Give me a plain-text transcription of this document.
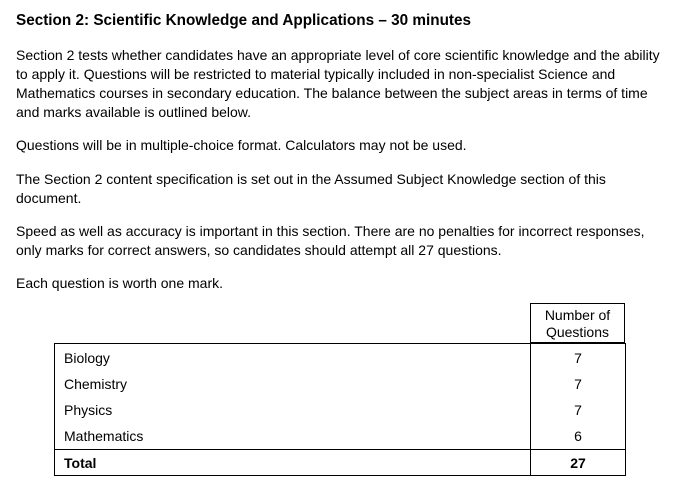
Section 2: Scientific Knowledge and Applications – 30 minutes
Section 2 tests whether candidates have an appropriate level of core scientific knowledge and the ability to apply it. Questions will be restricted to material typically included in non-specialist Science and Mathematics courses in secondary education. The balance between the subject areas in terms of time and marks available is outlined below.
Questions will be in multiple-choice format. Calculators may not be used.
The Section 2 content specification is set out in the Assumed Subject Knowledge section of this document.
Speed as well as accuracy is important in this section. There are no penalties for incorrect responses, only marks for correct answers, so candidates should attempt all 27 questions.
Each question is worth one mark.
Number of
Questions
Biology	7
Chemistry	7
Physics	7
Mathematics	6
Total	27
